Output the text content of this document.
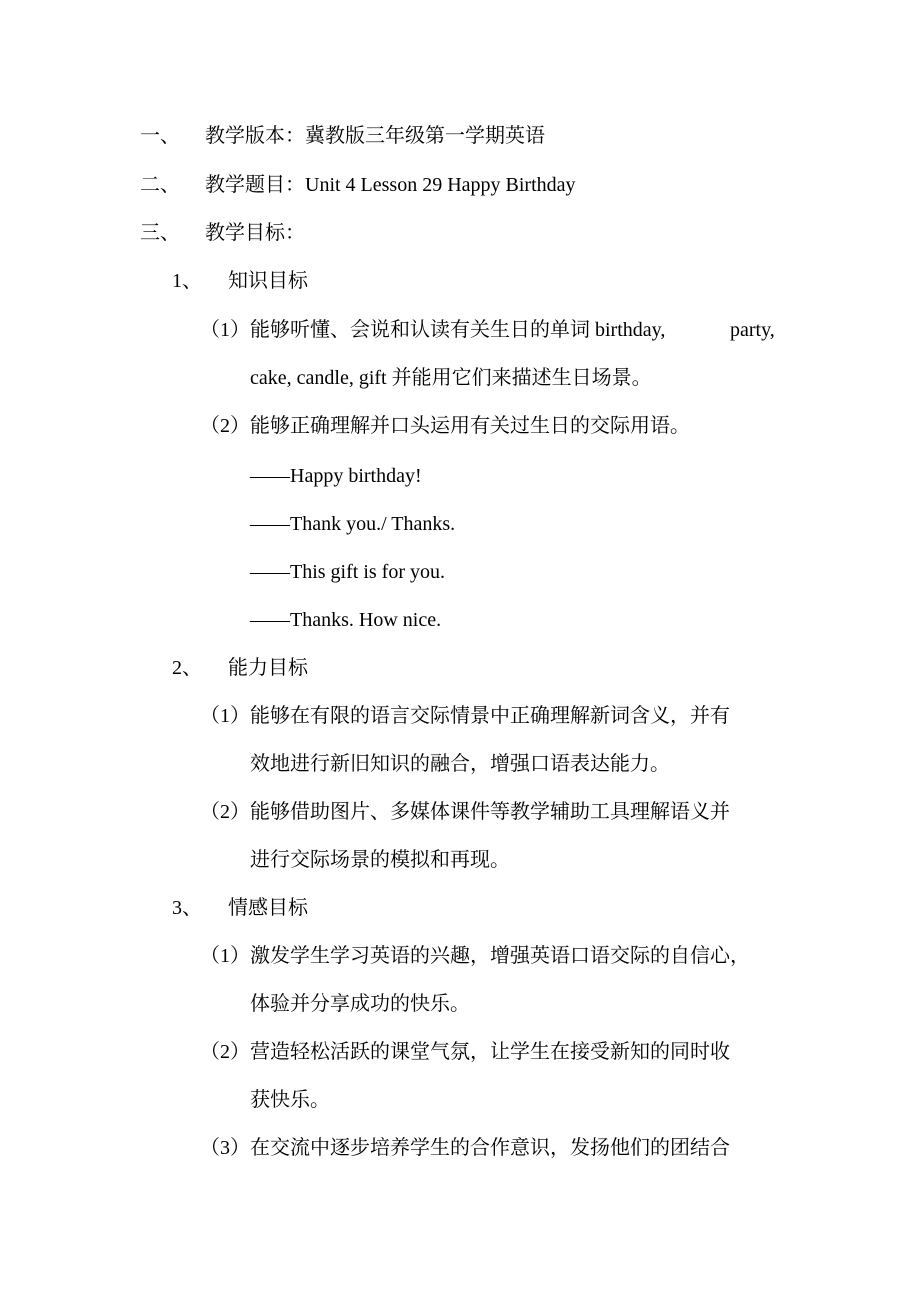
一、 教学版本：冀教版三年级第一学期英语
二、 教学题目：Unit 4 Lesson 29 Happy Birthday
三、 教学目标：
1、 知识目标
（1） 能够听懂、会说和认读有关生日的单词 birthday,	party,
cake, candle, gift 并能用它们来描述生日场景。
（2） 能够正确理解并口头运用有关过生日的交际用语。
——Happy birthday!
——Thank you./ Thanks.
——This gift is for you.
——Thanks. How nice.
2、 能力目标
（1） 能够在有限的语言交际情景中正确理解新词含义，并有
效地进行新旧知识的融合，增强口语表达能力。
（2） 能够借助图片、多媒体课件等教学辅助工具理解语义并
进行交际场景的模拟和再现。
3、 情感目标
（1） 激发学生学习英语的兴趣，增强英语口语交际的自信心，
体验并分享成功的快乐。
（2） 营造轻松活跃的课堂气氛，让学生在接受新知的同时收
获快乐。
（3） 在交流中逐步培养学生的合作意识，发扬他们的团结合
